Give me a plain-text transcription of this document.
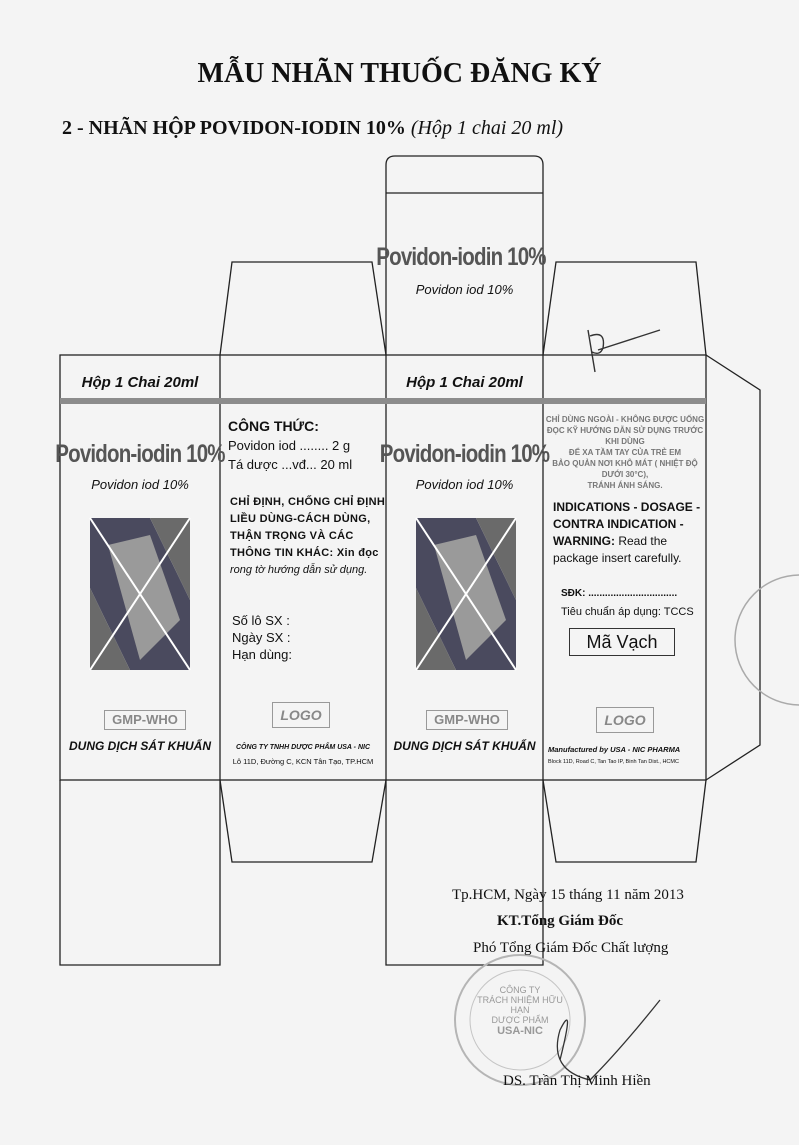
MẪU NHÃN THUỐC ĐĂNG KÝ
2 - NHÃN HỘP POVIDON-IODIN 10% (Hộp 1 chai 20 ml)
Povidon-iodin 10%
Povidon iod 10%
Hộp 1 Chai 20ml
Povidon-iodin 10%
Povidon iod 10%
GMP-WHO
DUNG DỊCH SÁT KHUẨN
CÔNG THỨC:
Povidon iod ........ 2 g
Tá dược ...vđ... 20 ml
CHỈ ĐỊNH, CHỐNG CHỈ ĐỊNH
LIỀU DÙNG-CÁCH DÙNG,
THẬN TRỌNG VÀ CÁC
THÔNG TIN KHÁC: Xin đọc
rong tờ hướng dẫn sử dụng.
Số lô SX :
Ngày SX :
Hạn dùng:
LOGO
CÔNG TY TNHH DƯỢC PHẨM USA - NIC
Lô 11D, Đường C, KCN Tân Tạo, TP.HCM
Hộp 1 Chai 20ml
Povidon-iodin 10%
Povidon iod 10%
GMP-WHO
DUNG DỊCH SÁT KHUẨN
CHỈ DÙNG NGOÀI - KHÔNG ĐƯỢC UỐNG
ĐỌC KỸ HƯỚNG DẪN SỬ DỤNG TRƯỚC KHI DÙNG
ĐỂ XA TẦM TAY CỦA TRẺ EM
BẢO QUẢN NƠI KHÔ MÁT ( NHIỆT ĐỘ DƯỚI 30°C),
TRÁNH ÁNH SÁNG.
INDICATIONS - DOSAGE -
CONTRA INDICATION -
WARNING: Read the
package insert carefully.
SĐK: ................................
Tiêu chuẩn áp dụng: TCCS
Mã Vạch
LOGO
Manufactured by USA - NIC PHARMA
Block 11D, Road C, Tan Tao IP, Binh Tan Dist., HCMC
CÔNG TY
TRÁCH NHIỆM HỮU HẠN
DƯỢC PHẨM
USA-NIC
Tp.HCM, Ngày 15 tháng 11 năm 2013
KT.Tổng Giám Đốc
Phó Tổng Giám Đốc Chất lượng
DS. Trần Thị Minh Hiền
